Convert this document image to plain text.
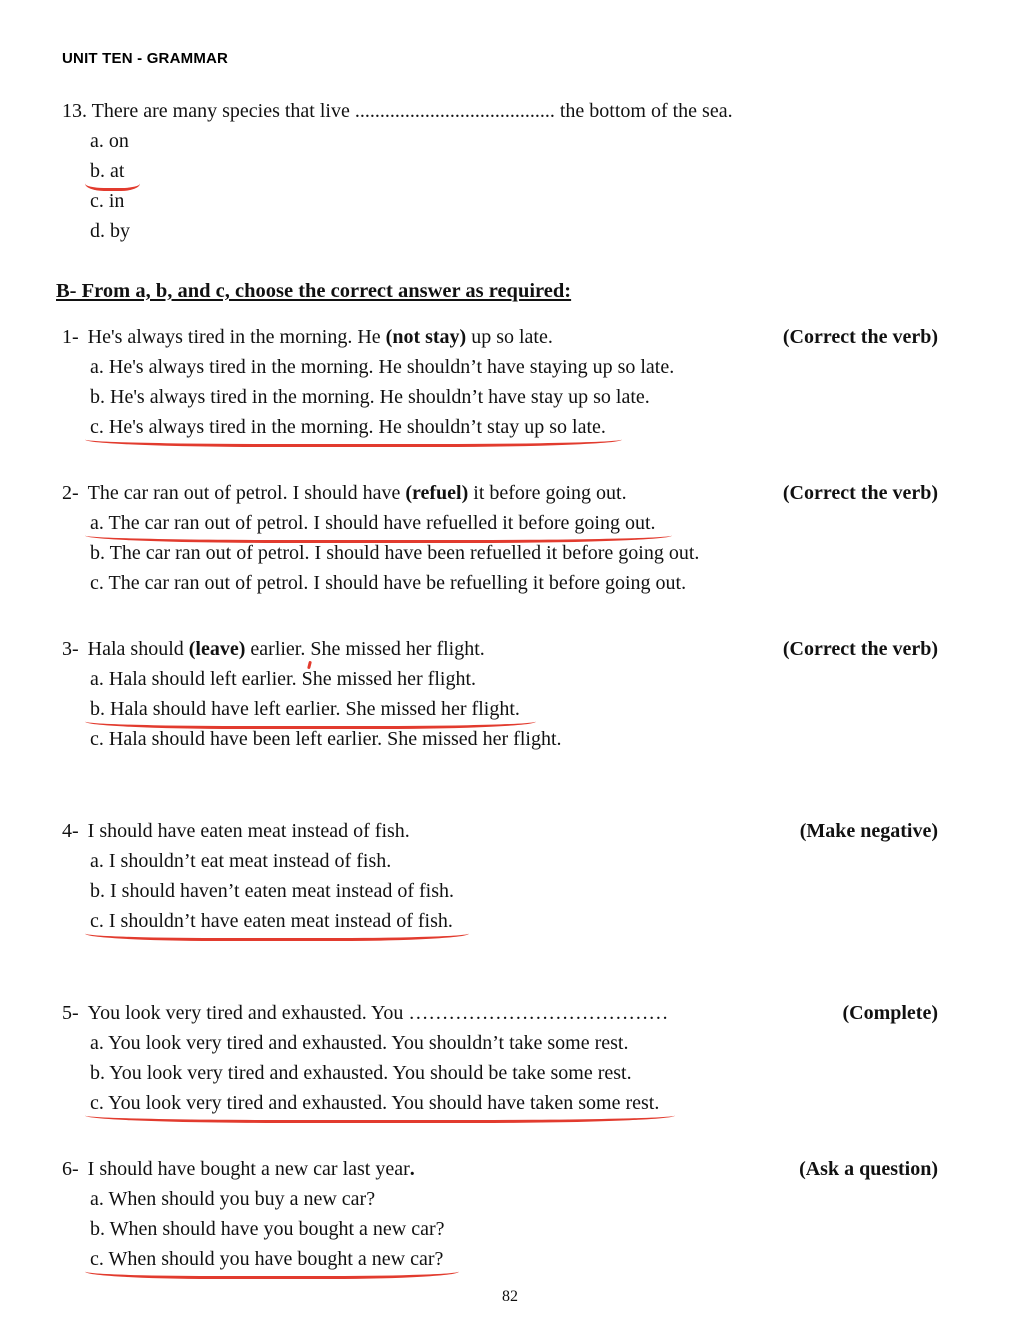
UNIT TEN - GRAMMAR
13. There are many species that live ........................................ the bottom of the sea.
a. on
b. at
c. in
d. by
B- From a, b, and c, choose the correct answer as required:
1- He's always tired in the morning. He (not stay) up so late.	(Correct the verb)
a. He's always tired in the morning. He shouldn’t have staying up so late.
b. He's always tired in the morning. He shouldn’t have stay up so late.
c. He's always tired in the morning. He shouldn’t stay up so late.
2- The car ran out of petrol. I should have (refuel) it before going out.	(Correct the verb)
a. The car ran out of petrol. I should have refuelled it before going out.
b. The car ran out of petrol. I should have been refuelled it before going out.
c. The car ran out of petrol. I should have be refuelling it before going out.
3- Hala should (leave) earlier. She missed her flight.	(Correct the verb)
a. Hala should left earlier. She missed her flight.
b. Hala should have left earlier. She missed her flight.
c. Hala should have been left earlier. She missed her flight.
4- I should have eaten meat instead of fish.	(Make negative)
a. I shouldn’t eat meat instead of fish.
b. I should haven’t eaten meat instead of fish.
c. I shouldn’t have eaten meat instead of fish.
5- You look very tired and exhausted. You …………………………………	(Complete)
a. You look very tired and exhausted. You shouldn’t take some rest.
b. You look very tired and exhausted. You should be take some rest.
c. You look very tired and exhausted. You should have taken some rest.
6- I should have bought a new car last year.	(Ask a question)
a. When should you buy a new car?
b. When should have you bought a new car?
c. When should you have bought a new car?
82
